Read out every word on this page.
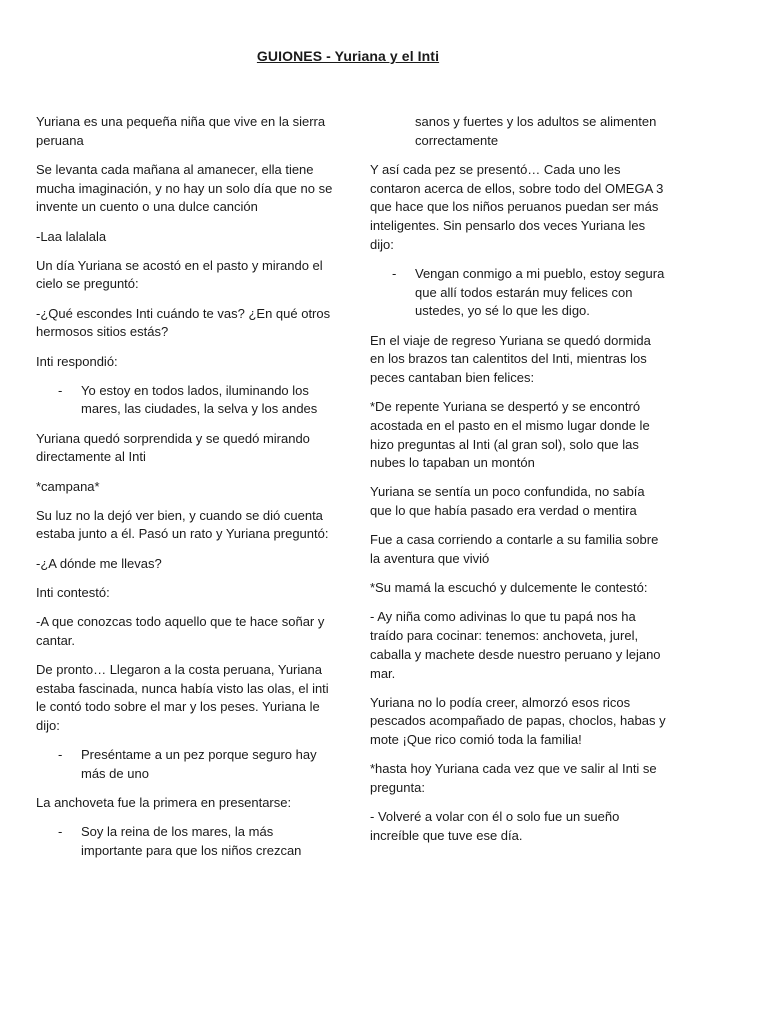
GUIONES - Yuriana y el Inti

Yuriana es una pequeña niña que vive en la sierra peruana

Se levanta cada mañana al amanecer, ella tiene mucha imaginación, y no hay un solo día que no se invente un cuento o una dulce canción

-Laa lalalala

Un día Yuriana se acostó en el pasto y mirando el cielo se preguntó:

-¿Qué escondes Inti cuándo te vas? ¿En qué otros hermosos sitios estás?

Inti respondió:

- Yo estoy en todos lados, iluminando los mares, las ciudades, la selva y los andes

Yuriana quedó sorprendida y se quedó mirando directamente al Inti

*campana*

Su luz no la dejó ver bien, y cuando se dió cuenta estaba junto a él. Pasó un rato y Yuriana preguntó:

-¿A dónde me llevas?

Inti contestó:

-A que conozcas todo aquello que te hace soñar y cantar.

De pronto… Llegaron a la costa peruana, Yuriana estaba fascinada, nunca había visto las olas, el inti le contó todo sobre el mar y los peses. Yuriana le dijo:

- Preséntame a un pez porque seguro hay más de uno

La anchoveta fue la primera en presentarse:

- Soy la reina de los mares, la más importante para que los niños crezcan

sanos y fuertes y los adultos se alimenten correctamente

Y así cada pez se presentó… Cada uno les contaron acerca de ellos, sobre todo del OMEGA 3 que hace que los niños peruanos puedan ser más inteligentes. Sin pensarlo dos veces Yuriana les dijo:

- Vengan conmigo a mi pueblo, estoy segura que allí todos estarán muy felices con ustedes, yo sé lo que les digo.

En el viaje de regreso Yuriana se quedó dormida en los brazos tan calentitos del Inti, mientras los peces cantaban bien felices:

*De repente Yuriana se despertó y se encontró acostada en el pasto en el mismo lugar donde le hizo preguntas al Inti (al gran sol), solo que las nubes lo tapaban un montón

Yuriana se sentía un poco confundida, no sabía que lo que había pasado era verdad o mentira

Fue a casa corriendo a contarle a su familia sobre la aventura que vivió

*Su mamá la escuchó y dulcemente le contestó:

- Ay niña como adivinas lo que tu papá nos ha traído para cocinar: tenemos: anchoveta, jurel, caballa y machete desde nuestro peruano y lejano mar.

Yuriana no lo podía creer, almorzó esos ricos pescados acompañado de papas, choclos, habas y mote ¡Que rico comió toda la familia!

*hasta hoy Yuriana cada vez que ve salir al Inti se pregunta:

- Volveré a volar con él o solo fue un sueño increíble que tuve ese día.
